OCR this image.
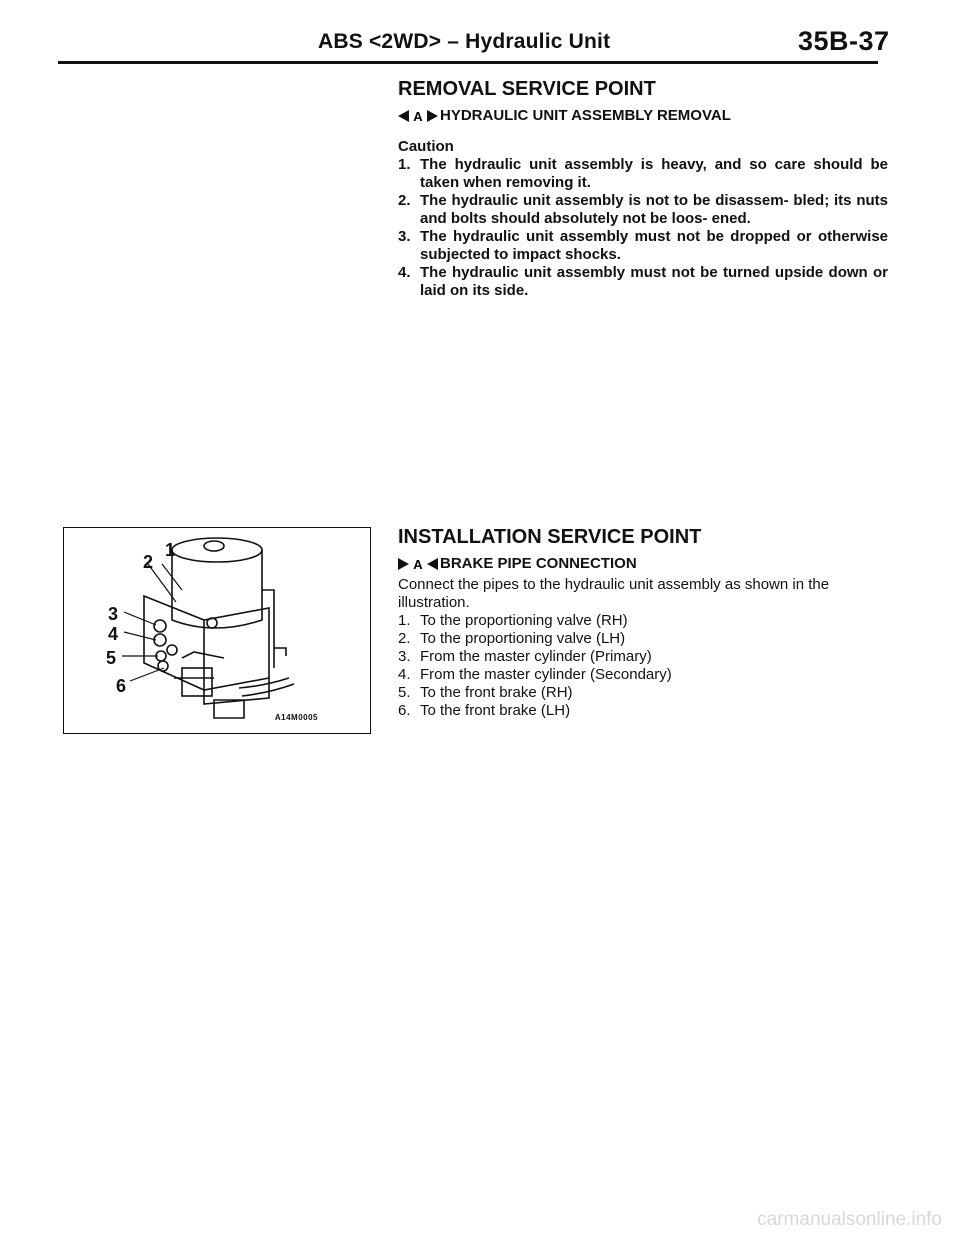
ABS <2WD> – Hydraulic Unit	35B-37
REMOVAL SERVICE POINT
A HYDRAULIC UNIT ASSEMBLY REMOVAL
Caution
1. The hydraulic unit assembly is heavy, and so care should be taken when removing it.
2. The hydraulic unit assembly is not to be disassem- bled; its nuts and bolts should absolutely not be loos- ened.
3. The hydraulic unit assembly must not be dropped or otherwise subjected to impact shocks.
4. The hydraulic unit assembly must not be turned upside down or laid on its side.
INSTALLATION SERVICE POINT
A BRAKE PIPE CONNECTION

Connect the pipes to the hydraulic unit assembly as shown in the illustration.

1. To the proportioning valve (RH)
2. To the proportioning valve (LH)
3. From the master cylinder (Primary)
4. From the master cylinder (Secondary)
5. To the front brake (RH)
6. To the front brake (LH)
1
2
3
4
5
6
A14M0005
carmanualsonline.info
